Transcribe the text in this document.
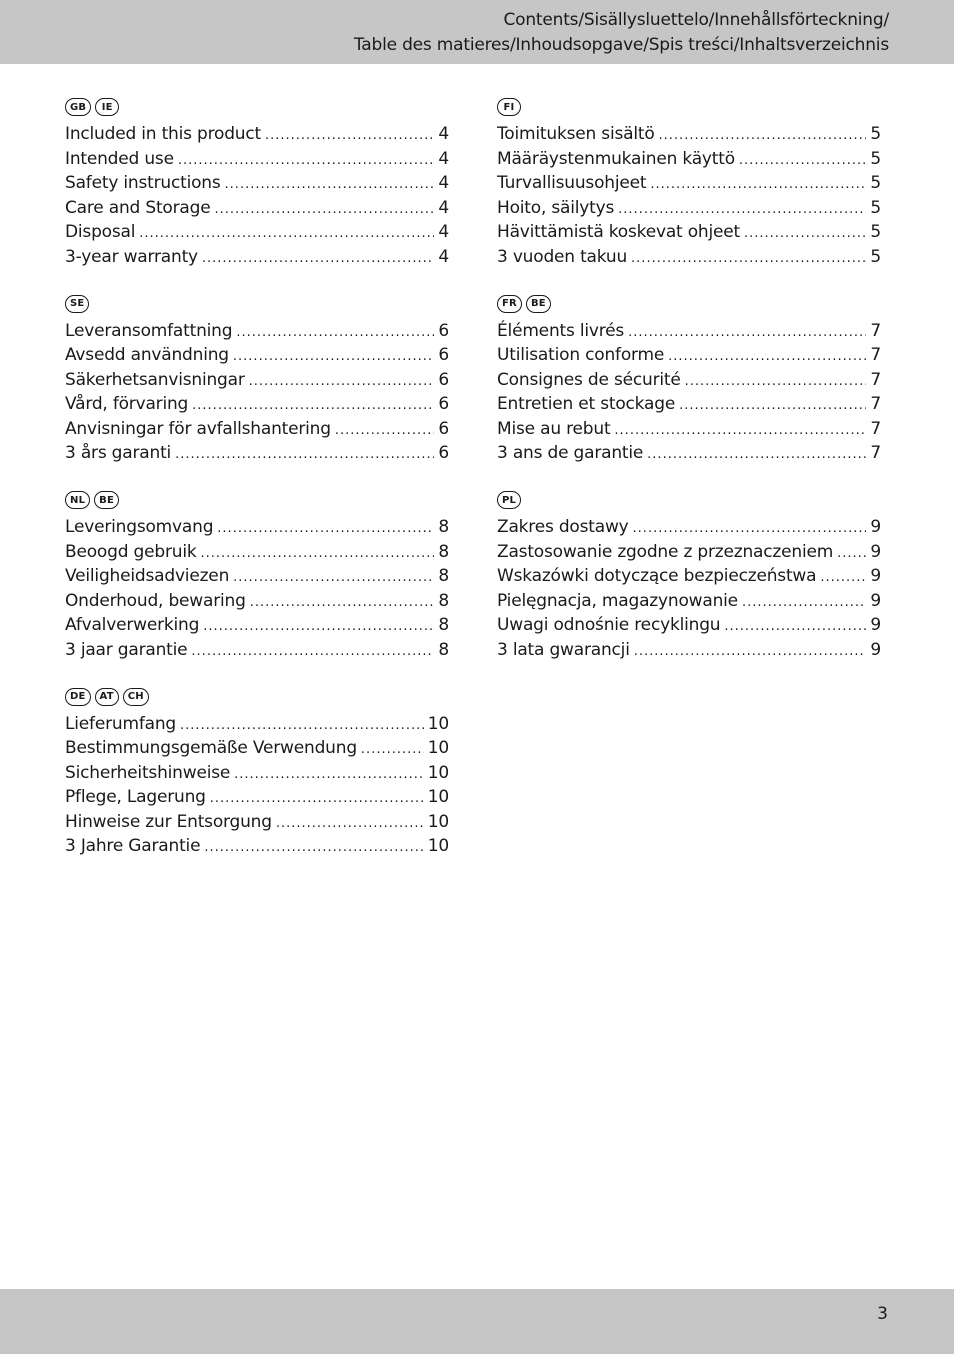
Contents/Sisällysluettelo/Innehållsförteckning/
Table des matieres/Inhoudsopgave/Spis treści/Inhaltsverzeichnis
GB	IE
Included in this product .....	4
Intended use .....	4
Safety instructions .....	4
Care and Storage .....	4
Disposal .....	4
3-year warranty .....	4
SE
Leveransomfattning .....	6
Avsedd användning .....	6
Säkerhetsanvisningar .....	6
Vård, förvaring .....	6
Anvisningar för avfallshantering .....	6
3 års garanti .....	6
NL	BE
Leveringsomvang .....	8
Beoogd gebruik .....	8
Veiligheidsadviezen .....	8
Onderhoud, bewaring .....	8
Afvalverwerking .....	8
3 jaar garantie .....	8
DE	AT	CH
Lieferumfang .....	10
Bestimmungsgemäße Verwendung .....	10
Sicherheitshinweise .....	10
Pflege, Lagerung .....	10
Hinweise zur Entsorgung .....	10
3 Jahre Garantie .....	10
FI
Toimituksen sisältö .....	5
Määräystenmukainen käyttö .....	5
Turvallisuusohjeet .....	5
Hoito, säilytys .....	5
Hävittämistä koskevat ohjeet .....	5
3 vuoden takuu .....	5
FR	BE
Éléments livrés .....	7
Utilisation conforme .....	7
Consignes de sécurité .....	7
Entretien et stockage .....	7
Mise au rebut .....	7
3 ans de garantie .....	7
PL
Zakres dostawy .....	9
Zastosowanie zgodne z przeznaczeniem ..... 9
Wskazówki dotyczące bezpieczeństwa .....	9
Pielęgnacja, magazynowanie .....	9
Uwagi odnośnie recyklingu .....	9
3 lata gwarancji .....	9
3
